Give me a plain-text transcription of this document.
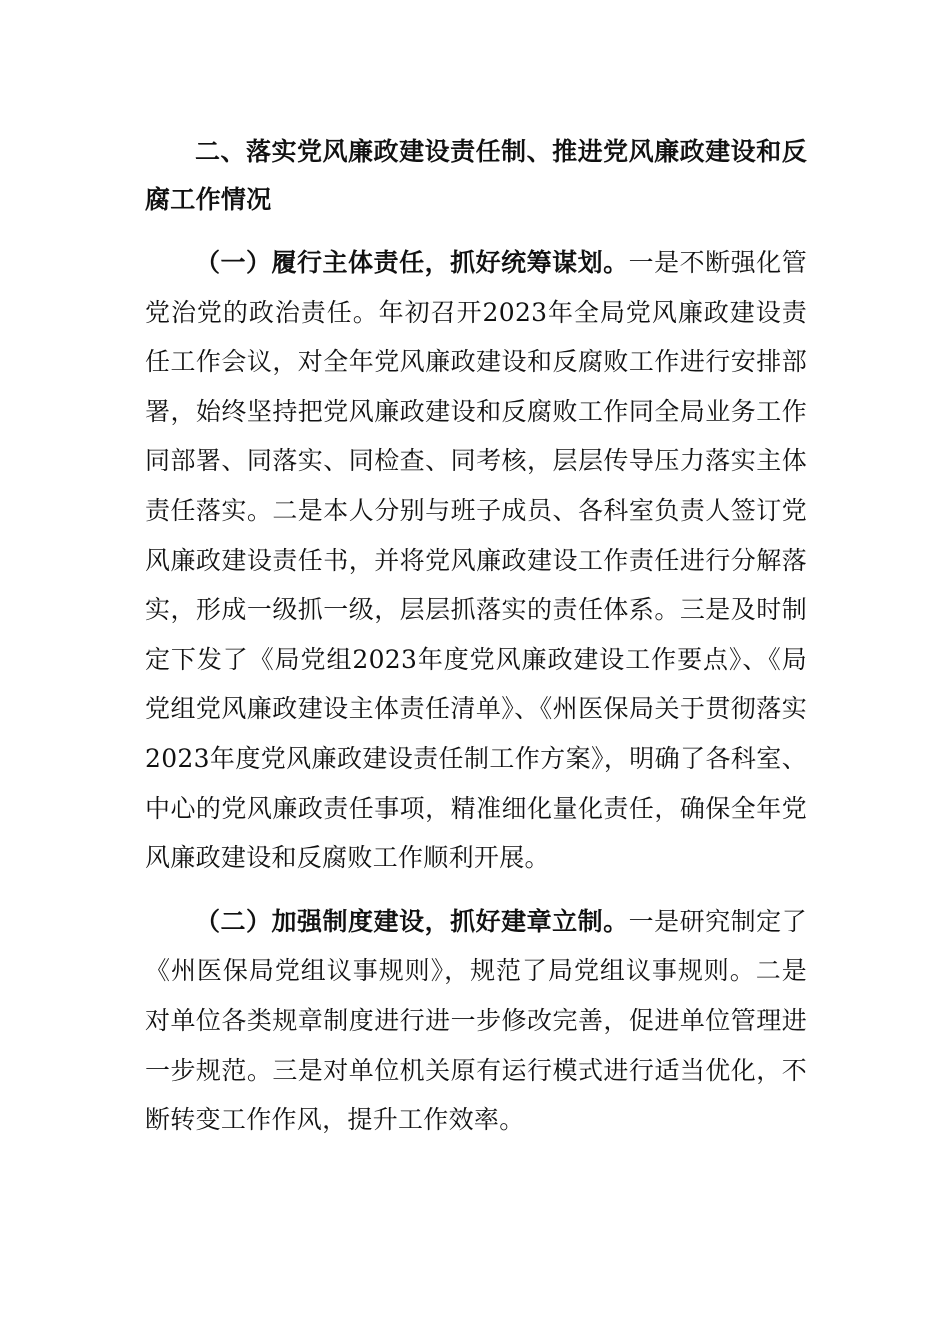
二、落实党风廉政建设责任制、推进党风廉政建设和反腐工作情况

（一）履行主体责任，抓好统筹谋划。一是不断强化管党治党的政治责任。年初召开2023年全局党风廉政建设责任工作会议，对全年党风廉政建设和反腐败工作进行安排部署，始终坚持把党风廉政建设和反腐败工作同全局业务工作同部署、同落实、同检查、同考核，层层传导压力落实主体责任落实。二是本人分别与班子成员、各科室负责人签订党风廉政建设责任书，并将党风廉政建设工作责任进行分解落实，形成一级抓一级，层层抓落实的责任体系。三是及时制定下发了《局党组2023年度党风廉政建设工作要点》、《局党组党风廉政建设主体责任清单》、《州医保局关于贯彻落实2023年度党风廉政建设责任制工作方案》，明确了各科室、中心的党风廉政责任事项，精准细化量化责任，确保全年党风廉政建设和反腐败工作顺利开展。

（二）加强制度建设，抓好建章立制。一是研究制定了《州医保局党组议事规则》，规范了局党组议事规则。二是对单位各类规章制度进行进一步修改完善，促进单位管理进一步规范。三是对单位机关原有运行模式进行适当优化，不断转变工作作风，提升工作效率。
